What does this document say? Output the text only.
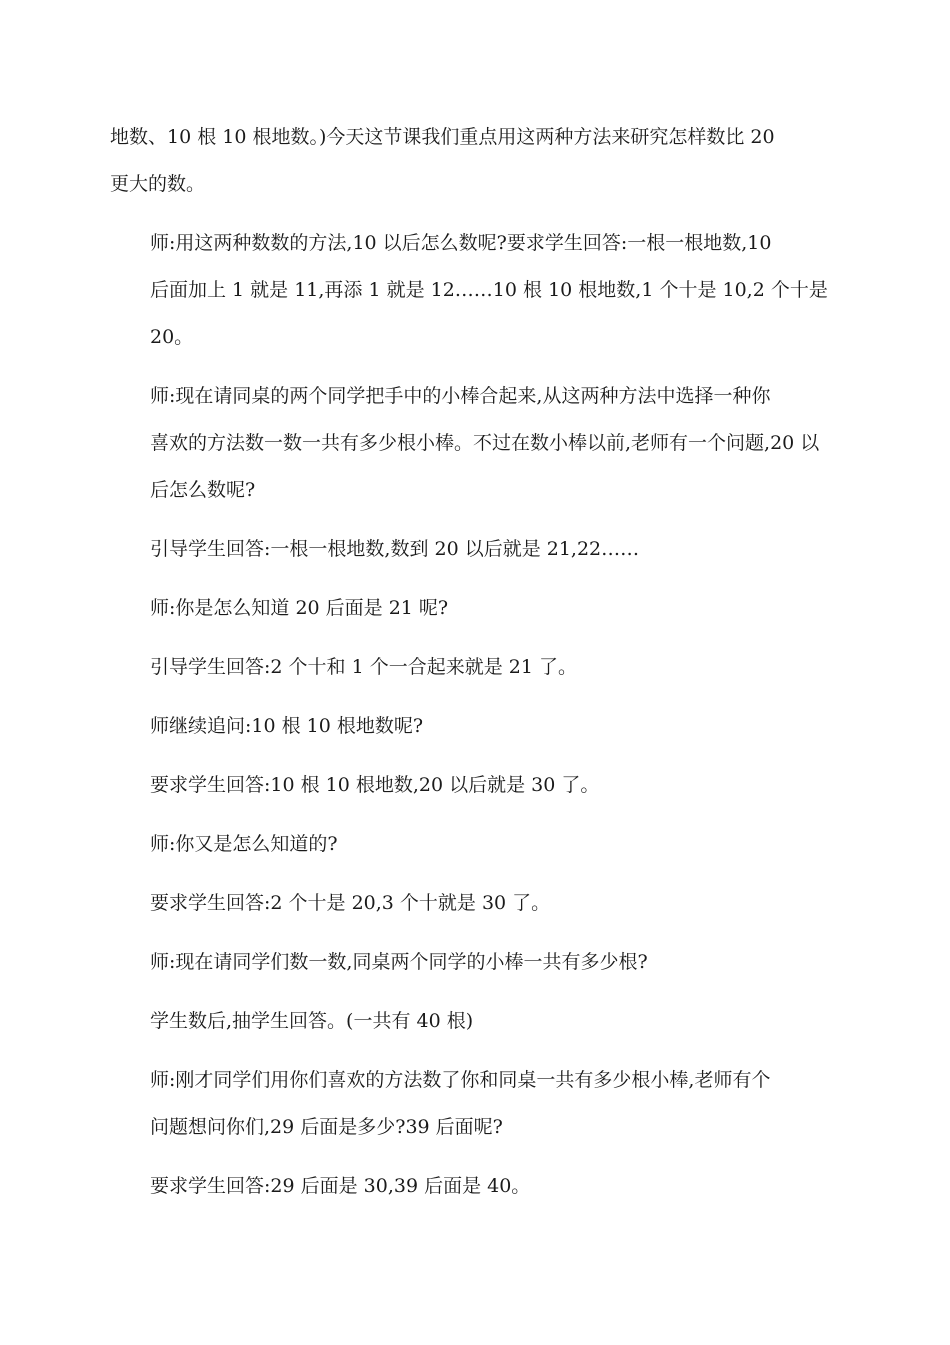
地数、10 根 10 根地数。)今天这节课我们重点用这两种方法来研究怎样数比 20
更大的数。

师:用这两种数数的方法,10 以后怎么数呢?要求学生回答:一根一根地数,10
后面加上 1 就是 11,再添 1 就是 12……10 根 10 根地数,1 个十是 10,2 个十是
20。

师:现在请同桌的两个同学把手中的小棒合起来,从这两种方法中选择一种你
喜欢的方法数一数一共有多少根小棒。不过在数小棒以前,老师有一个问题,20 以
后怎么数呢?

引导学生回答:一根一根地数,数到 20 以后就是 21,22……

师:你是怎么知道 20 后面是 21 呢?

引导学生回答:2 个十和 1 个一合起来就是 21 了。

师继续追问:10 根 10 根地数呢?

要求学生回答:10 根 10 根地数,20 以后就是 30 了。

师:你又是怎么知道的?

要求学生回答:2 个十是 20,3 个十就是 30 了。

师:现在请同学们数一数,同桌两个同学的小棒一共有多少根?

学生数后,抽学生回答。(一共有 40 根)

师:刚才同学们用你们喜欢的方法数了你和同桌一共有多少根小棒,老师有个
问题想问你们,29 后面是多少?39 后面呢?

要求学生回答:29 后面是 30,39 后面是 40。
